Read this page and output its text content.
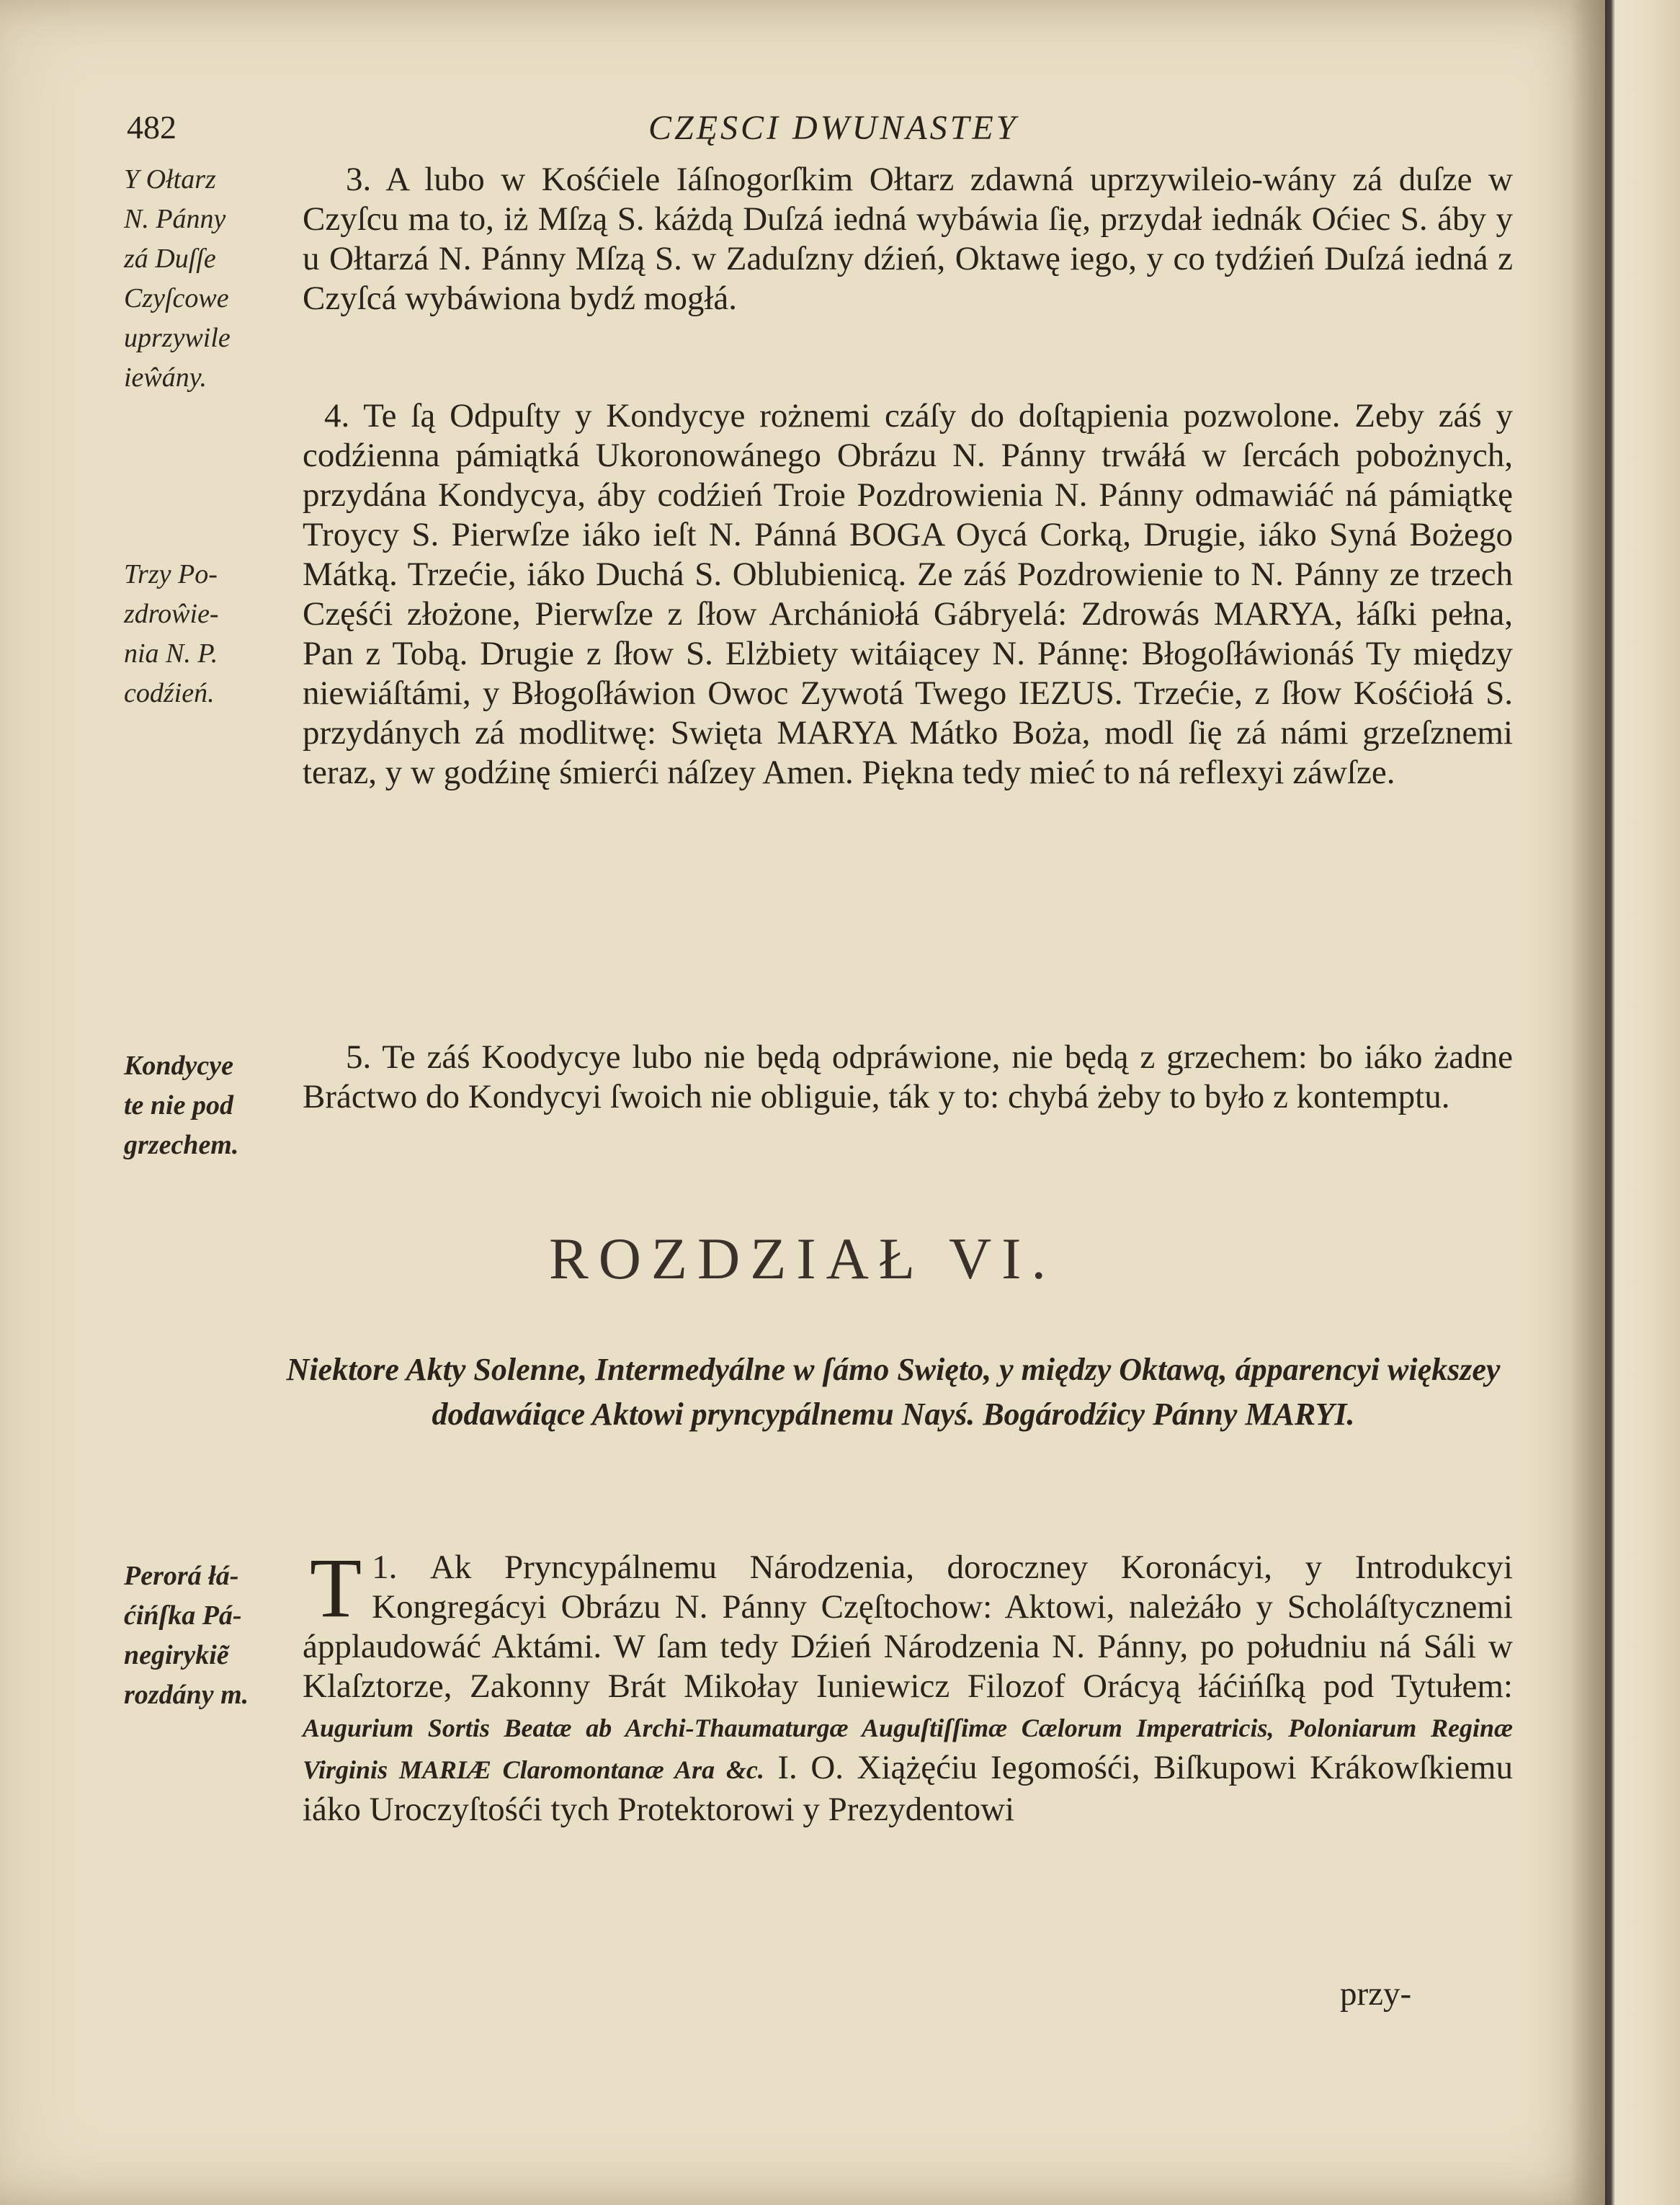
482	CZĘSCI DWUNASTEY
Y Ołtarz
N. Pánny
zá Duſſe
Czyſcowe
uprzywile
ieŵány.
Trzy Po-
zdroŵie-
nia N. P.
codźień.
Kondycye
te nie pod
grzechem.
Perorá łá-
ćińſka Pá-
negirykiẽ
rozdány m.
3. A lubo w Kośćiele Iáſnogorſkim Ołtarz zdawná uprzywileio-wány zá duſze w Czyſcu ma to, iż Mſzą S. káżdą Duſzá iedná wybáwia ſię, przydał iednák Oćiec S. áby y u Ołtarzá N. Pánny Mſzą S. w Zaduſzny dźień, Oktawę iego, y co tydźień Duſzá iedná z Czyſcá wybáwiona bydź mogłá.
4. Te ſą Odpuſty y Kondycye rożnemi czáſy do doſtąpienia pozwolone. Zeby záś y codźienna pámiątká Ukoronowánego Obrázu N. Pánny trwáłá w ſercách pobożnych, przydána Kondycya, áby codźień Troie Pozdrowienia N. Pánny odmawiáć ná pámiątkę Troycy S. Pierwſze iáko ieſt N. Pánná BOGA Oycá Corką, Drugie, iáko Syná Bożego Mátką. Trzećie, iáko Duchá S. Oblubienicą. Ze záś Pozdrowienie to N. Pánny ze trzech Częśći złożone, Pierwſze z ſłow Archániołá Gábryelá: Zdrowás MARYA, łáſki pełna, Pan z Tobą. Drugie z ſłow S. Elżbiety witáiącey N. Pánnę: Błogoſłáwionáś Ty między niewiáſtámi, y Błogoſłáwion Owoc Zywotá Twego IEZUS. Trzećie, z ſłow Kośćiołá S. przydánych zá modlitwę: Swięta MARYA Mátko Boża, modl ſię zá námi grzeſznemi teraz, y w godźinę śmierći náſzey Amen. Piękna tedy mieć to ná reflexyi záwſze.
5. Te záś Koodycye lubo nie będą odpráwione, nie będą z grzechem: bo iáko żadne Bráctwo do Kondycyi ſwoich nie obliguie, ták y to: chybá żeby to było z kontemptu.
ROZDZIAŁ VI.
Niektore Akty Solenne, Intermedyálne w ſámo Swięto, y między Oktawą, ápparencyi większey dodawáiące Aktowi pryncypálnemu Nayś. Bogárodźicy Pánny MARYI.
1.
T Ak Pryncypálnemu Národzenia, doroczney Koronácyi, y Introdukcyi Kongregácyi Obrázu N. Pánny Częſtochow: Aktowi, należáło y Scholáſtycznemi ápplaudowáć Aktámi. W ſam tedy Dźień Národzenia N. Pánny, po południu ná Sáli w Klaſztorze, Zakonny Brát Mikołay Iuniewicz Filozof Orácyą łáćińſką pod Tytułem: Augurium Sortis Beatæ ab Archi-Thaumaturgæ Auguſtiſſimæ Cælorum Imperatricis, Poloniarum Reginæ Virginis MARIÆ Claromontanæ Ara &c. I. O. Xiążęćiu Iegomośći, Biſkupowi Krákowſkiemu iáko Uroczyſtośći tych Protektorowi y Prezydentowi
przy-
